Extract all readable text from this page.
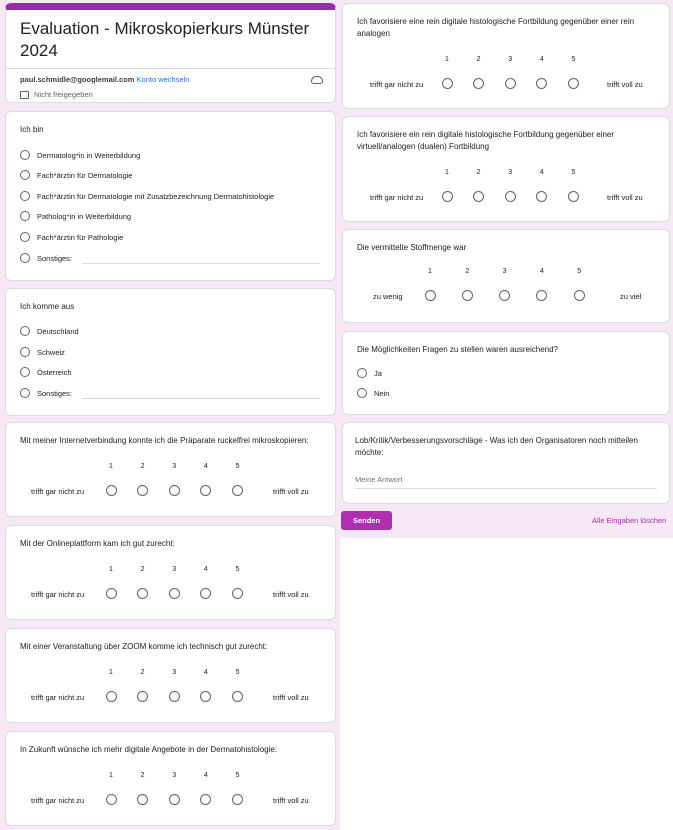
Evaluation - Mikroskopierkurs Münster 2024
paul.schmidle@googlemail.com Konto wechseln
Nicht freigegeben
Ich bin
Dermatolog*in in Weiterbildung
Fach*ärztin für Dermatologie
Fach*ärztin für Dermatologie mit Zusatzbezeichnung Dermatohistologie
Patholog*in in Weiterbildung
Fach*ärztin für Pathologie
Sonstiges:
Ich komme aus
Deutschland
Schweiz
Österreich
Sonstiges:
Mit meiner Internetverbindung konnte ich die Präparate ruckelfrei mikroskopieren:
trifft gar nicht zu
1	2	3	4	5
trifft voll zu
Mit der Onlineplattform kam ich gut zurecht:
trifft gar nicht zu
1	2	3	4	5
trifft voll zu
Mit einer Veranstaltung über ZOOM komme ich technisch gut zurecht:
trifft gar nicht zu
1	2	3	4	5
trifft voll zu
In Zukunft wünsche ich mehr digitale Angebote in der Dermatohistologie:
trifft gar nicht zu
1	2	3	4	5
trifft voll zu
Ich favorisiere eine rein digitale histologische Fortbildung gegenüber einer rein analogen
trifft gar nicht zu
1	2	3	4	5
trifft voll zu
Ich favorisiere ein rein digitale histologische Fortbildung gegenüber einer virtuell/analogen (dualen) Fortbildung
trifft gar nicht zu
1	2	3	4	5
trifft voll zu
Die vermittelte Stoffmenge war
zu wenig
1	2	3	4	5
zu viel
Die Möglichkeiten Fragen zu stellen waren ausreichend?
Ja
Nein
Lob/Kritik/Verbesserungsvorschläge - Was ich den Organisatoren noch mitteilen möchte:
Meine Antwort
Senden	Alle Eingaben löschen
